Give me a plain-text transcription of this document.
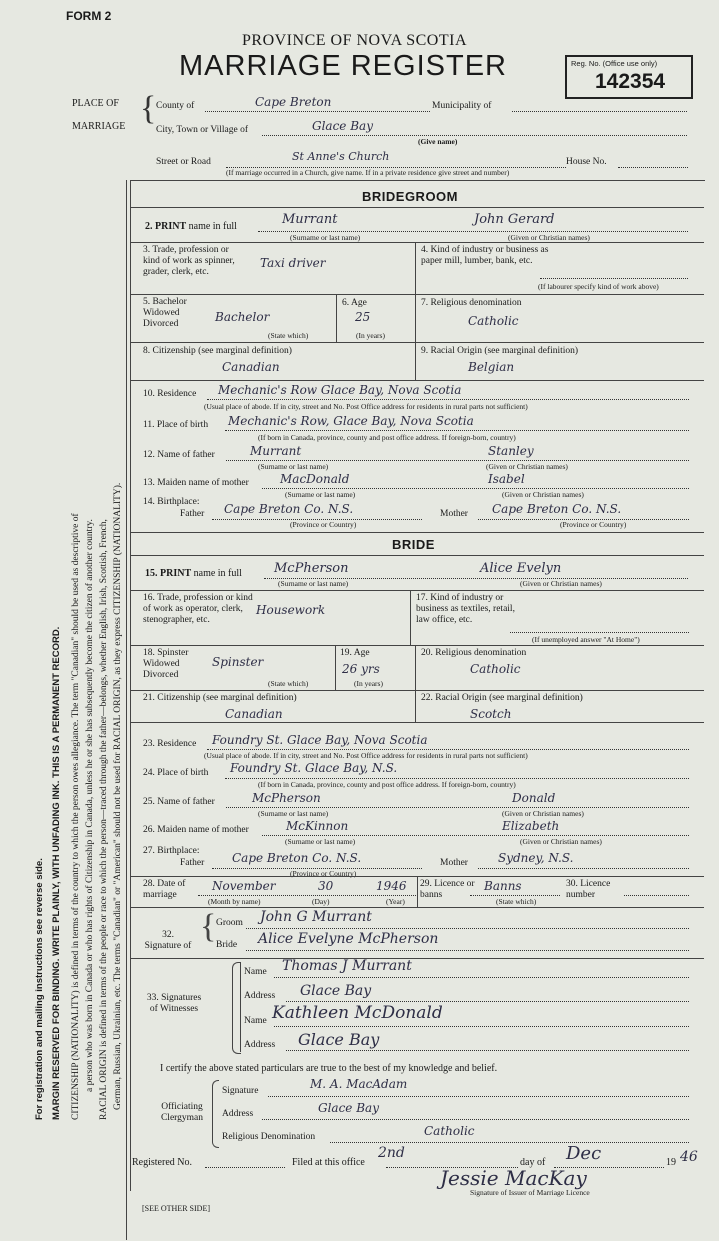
For registration and mailing instructions see reverse side. MARGIN RESERVED FOR BINDING. WRITE PLAINLY, WITH UNFADING INK. THIS IS A PERMANENT RECORD. CITIZENSHIP (NATIONALITY) is defined in terms of the country to which the person owes allegiance. The term "Canadian" should be used as descriptive of a person who was born in Canada or who has rights of Citizenship in Canada, unless he or she has subsequently become the citizen of another country. RACIAL ORIGIN is defined in terms of the people or race to which the person—traced through the father—belongs, whether English, Irish, Scottish, French, German, Russian, Ukrainian, etc. The terms "Canadian" or "American" should not be used for RACIAL ORIGIN, as they express CITIZENSHIP (NATIONALITY).
FORM 2
PROVINCE OF NOVA SCOTIA
MARRIAGE REGISTER	Reg. No. (Office use only)
142354
PLACE OF
MARRIAGE { County of	Cape Breton	Municipality of
City, Town or Village of	Glace Bay
(Give name)
Street or Road	St Anne's Church	House No.
(If marriage occurred in a Church, give name. If in a private residence give street and number)
BRIDEGROOM
2. PRINT name in full	Murrant	John Gerard
(Surname or last name)	(Given or Christian names)
3. Trade, profession or kind of work as spinner, grader, clerk, etc.
Taxi driver
4. Kind of industry or business as paper mill, lumber, bank, etc.
(If labourer specify kind of work above)
5. Bachelor Widowed Divorced	Bachelor
(State which)
6. Age
25
(In years)
7. Religious denomination
Catholic
8. Citizenship (see marginal definition)
Canadian
9. Racial Origin (see marginal definition)
Belgian
10. Residence Mechanic's Row Glace Bay, Nova Scotia
(Usual place of abode. If in city, street and No. Post Office address for residents in rural parts not sufficient)
11. Place of birth Mechanic's Row, Glace Bay, Nova Scotia
(If born in Canada, province, county and post office address. If foreign-born, country)
12. Name of father	Murrant	Stanley
(Surname or last name)	(Given or Christian names)
13. Maiden name of mother	MacDonald	Isabel
(Surname or last name)	(Given or Christian names)
14. Birthplace:
Father Cape Breton Co. N.S.
(Province or Country)
Mother Cape Breton Co. N.S.
(Province or Country)
BRIDE
15. PRINT name in full McPherson	Alice Evelyn
(Surname or last name)	(Given or Christian names)
16. Trade, profession or kind of work as operator, clerk, stenographer, etc.
Housework
17. Kind of industry or business as textiles, retail, law office, etc.
(If unemployed answer "At Home")
18. Spinster Widowed Divorced
Spinster
(State which)
19. Age
26 yrs
(In years)
20. Religious denomination
Catholic
21. Citizenship (see marginal definition)
Canadian
22. Racial Origin (see marginal definition)
Scotch
23. Residence Foundry St. Glace Bay, Nova Scotia
(Usual place of abode. If in city, street and No. Post Office address for residents in rural parts not sufficient)
24. Place of birth Foundry St. Glace Bay, N.S.
(If born in Canada, province, county and post office address. If foreign-born, country)
25. Name of father	McPherson	Donald
(Surname or last name)	(Given or Christian names)
26. Maiden name of mother	McKinnon	Elizabeth
(Surname or last name)	(Given or Christian names)
27. Birthplace:
Father Cape Breton Co. N.S.
(Province or Country)
Mother	Sydney, N.S.
28. Date of marriage
November	30	1946
(Month by name)	(Day)	(Year)
29. Licence or banns
Banns
(State which)
30. Licence number
32. Signature of
{ Groom John G Murrant
Bride Alice Evelyne McPherson
33. Signatures of Witnesses
Name Thomas J Murrant
Address Glace Bay
Name Kathleen McDonald
Address Glace Bay
I certify the above stated particulars are true to the best of my knowledge and belief.
Officiating Clergyman
Signature	M. A. MacAdam
Address	Glace Bay
Religious Denomination	Catholic
Registered No.	Filed at this office
2nd
day of Dec	19 46
Jessie MacKay
Signature of Issuer of Marriage Licence
[SEE OTHER SIDE]
